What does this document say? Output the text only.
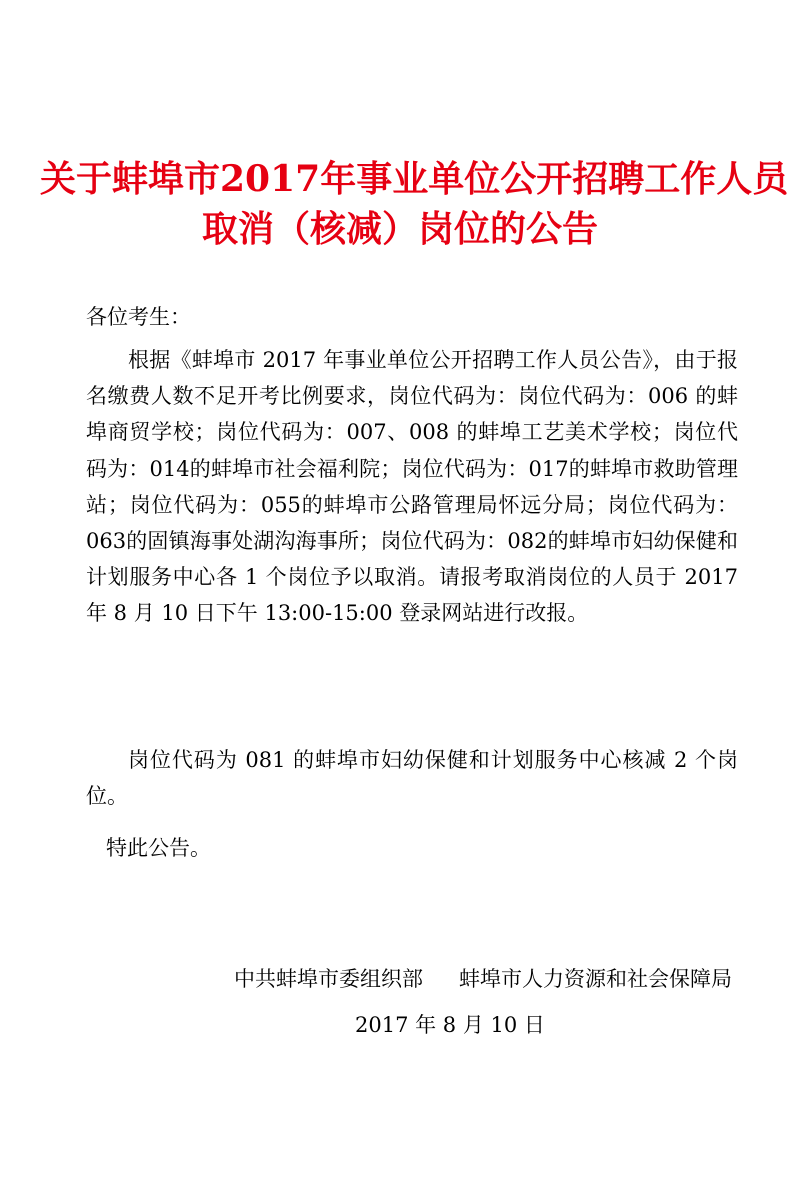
关于蚌埠市2017年事业单位公开招聘工作人员
取消（核减）岗位的公告
各位考生：
根据《蚌埠市 2017 年事业单位公开招聘工作人员公告》，由于报名缴费人数不足开考比例要求，岗位代码为：岗位代码为：006 的蚌埠商贸学校；岗位代码为：007、008 的蚌埠工艺美术学校；岗位代码为：014的蚌埠市社会福利院；岗位代码为：017的蚌埠市救助管理站；岗位代码为：055的蚌埠市公路管理局怀远分局；岗位代码为：063的固镇海事处湖沟海事所；岗位代码为：082的蚌埠市妇幼保健和计划服务中心各 1 个岗位予以取消。请报考取消岗位的人员于 2017 年 8 月 10 日下午 13:00-15:00 登录网站进行改报。
岗位代码为 081 的蚌埠市妇幼保健和计划服务中心核减 2 个岗位。
特此公告。
中共蚌埠市委组织部 蚌埠市人力资源和社会保障局
2017 年 8 月 10 日
